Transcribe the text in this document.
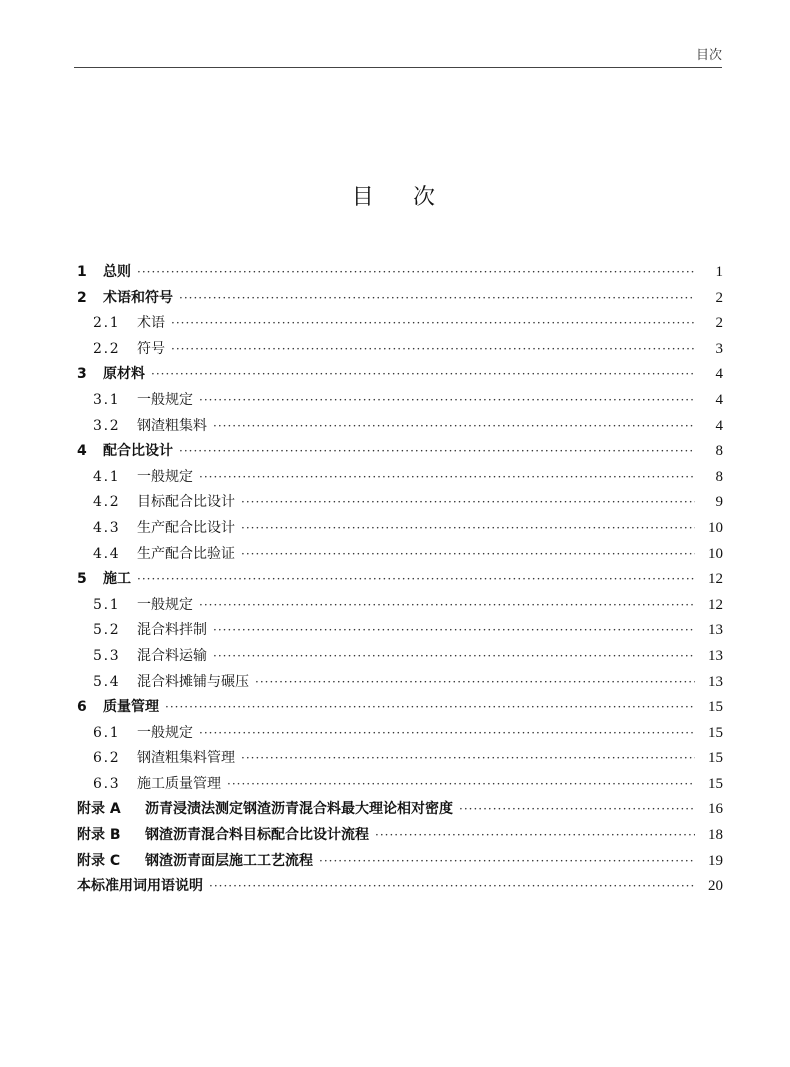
目次
目 次
1	总则 ·····	1
2	术语和符号 ·····	2
2.1	术语 ·····	2
2.2	符号 ·····	3
3	原材料 ·····	4
3.1	一般规定 ·····	4
3.2	钢渣粗集料 ·····	4
4	配合比设计 ·····	8
4.1	一般规定 ·····	8
4.2	目标配合比设计 ·····	9
4.3	生产配合比设计 ·····	10
4.4	生产配合比验证 ·····	10
5	施工 ·····	12
5.1	一般规定 ·····	12
5.2	混合料拌制 ·····	13
5.3	混合料运输 ·····	13
5.4	混合料摊铺与碾压 ·····	13
6	质量管理 ·····	15
6.1	一般规定 ·····	15
6.2	钢渣粗集料管理 ·····	15
6.3	施工质量管理 ·····	15
附录 A	沥青浸渍法测定钢渣沥青混合料最大理论相对密度 ·····	16
附录 B	钢渣沥青混合料目标配合比设计流程 ·····	18
附录 C	钢渣沥青面层施工工艺流程 ·····	19
本标准用词用语说明 ·····	20
